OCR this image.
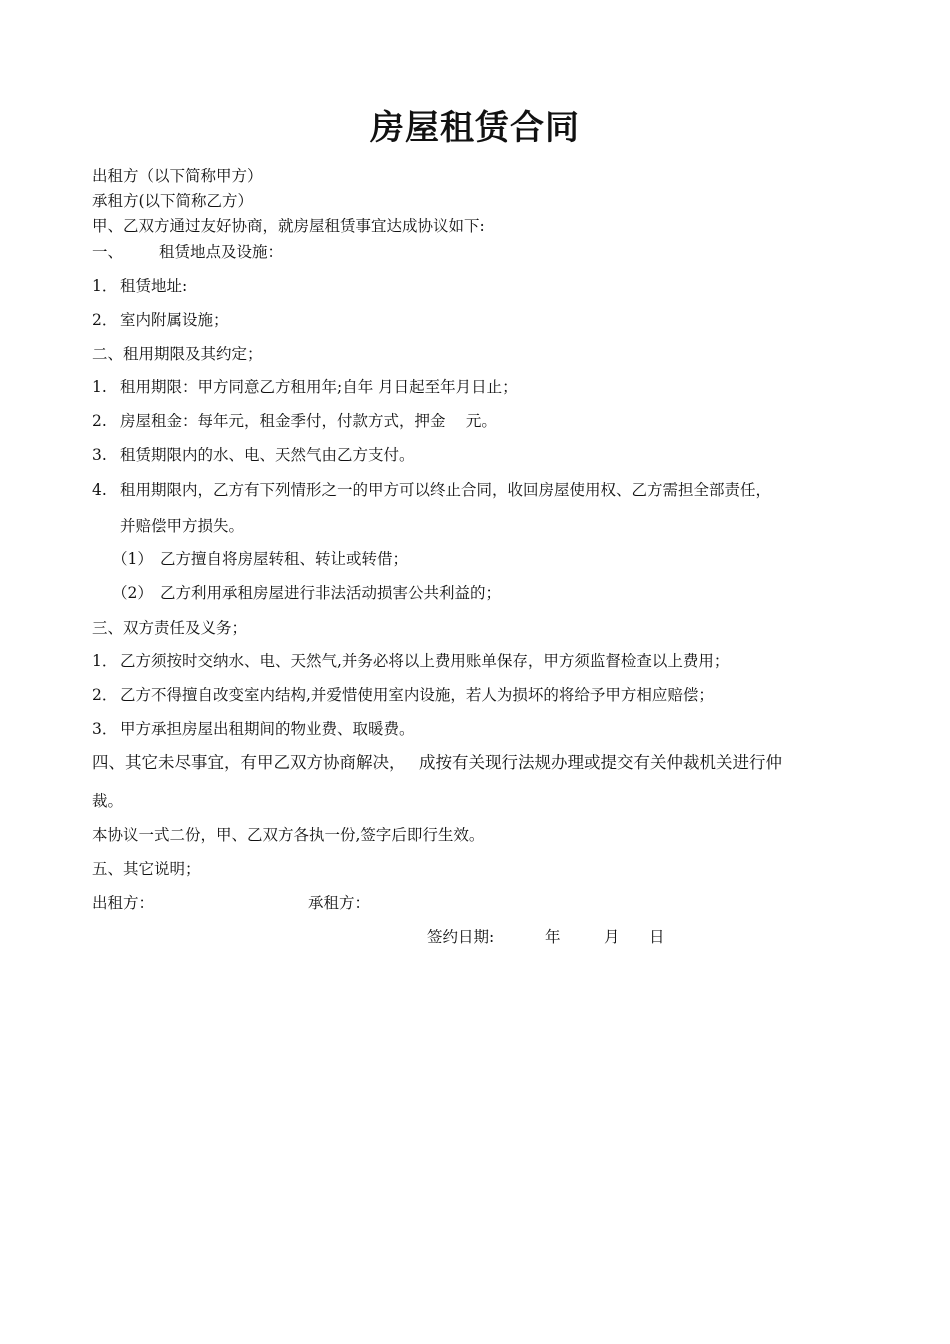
房屋租赁合同
出租方（以下简称甲方）
承租方(以下简称乙方）
甲、乙双方通过友好协商，就房屋租赁事宜达成协议如下:
一、 租赁地点及设施：
1． 租赁地址:
2． 室内附属设施；
二、租用期限及其约定；
1. 租用期限：甲方同意乙方租用年;自年 月日起至年月日止；
2. 房屋租金：每年元，租金季付，付款方式，押金　 元。
3. 租赁期限内的水、电、天然气由乙方支付。
4. 租用期限内，乙方有下列情形之一的甲方可以终止合同，收回房屋使用权、乙方需担全部责任，
并赔偿甲方损失。
（1） 乙方擅自将房屋转租、转让或转借；
（2） 乙方利用承租房屋进行非法活动损害公共利益的；
三、双方责任及义务；
1． 乙方须按时交纳水、电、天然气,并务必将以上费用账单保存，甲方须监督检查以上费用；
2． 乙方不得擅自改变室内结构,并爱惜使用室内设施，若人为损坏的将给予甲方相应赔偿；
3． 甲方承担房屋出租期间的物业费、取暖费。
四、其它未尽事宜，有甲乙双方协商解决，　 成按有关现行法规办理或提交有关仲裁机关进行仲
裁。
本协议一式二份，甲、乙双方各执一份,签字后即行生效。
五、其它说明；
出租方：	承租方：
签约日期:	年	月 日
